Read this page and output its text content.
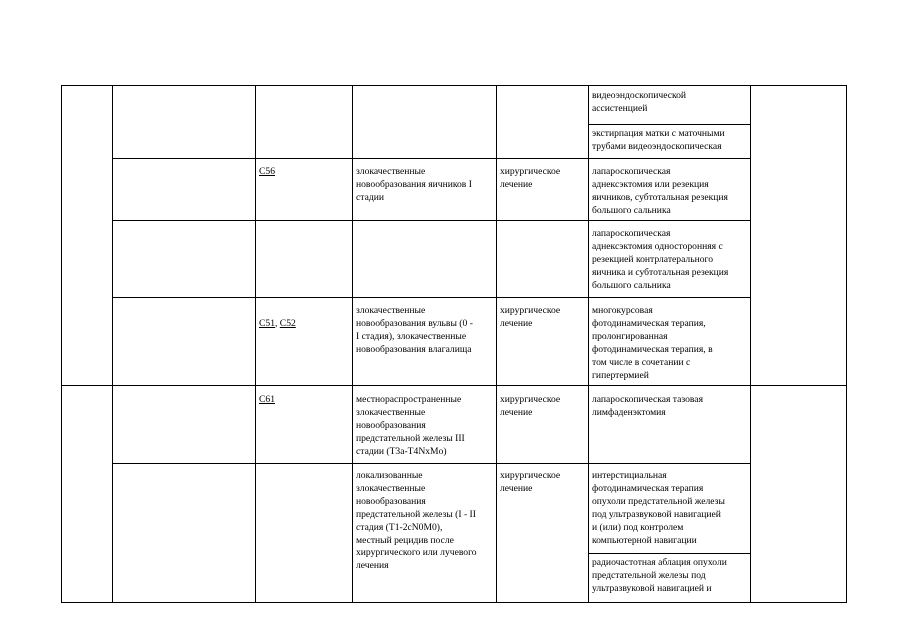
видеоэндоскопической
ассистенцией
экстирпация матки с маточными
трубами видеоэндоскопическая
C56	злокачественные
новообразования яичников I
стадии
хирургическое
лечение
лапароскопическая
аднексэктомия или резекция
яичников, субтотальная резекция
большого сальника
лапароскопическая
аднексэктомия односторонняя с
резекцией контрлатерального
яичника и субтотальная резекция
большого сальника

C51, C52

злокачественные
новообразования вульвы (0 -
I стадия), злокачественные
новообразования влагалища
хирургическое
лечение
многокурсовая
фотодинамическая терапия,
пролонгированная
фотодинамическая терапия, в
том числе в сочетании с
гипертермией
C61	местнораспространенные
злокачественные
новообразования
предстательной железы III
стадии (T3a-T4NxMo)
хирургическое
лечение
лапароскопическая тазовая
лимфаденэктомия
локализованные
злокачественные
новообразования
предстательной железы (I - II
стадия (T1-2cN0M0),
местный рецидив после
хирургического или лучевого
лечения
хирургическое
лечение
интерстициальная
фотодинамическая терапия
опухоли предстательной железы
под ультразвуковой навигацией
и (или) под контролем
компьютерной навигации
радиочастотная аблация опухоли
предстательной железы под
ультразвуковой навигацией и
